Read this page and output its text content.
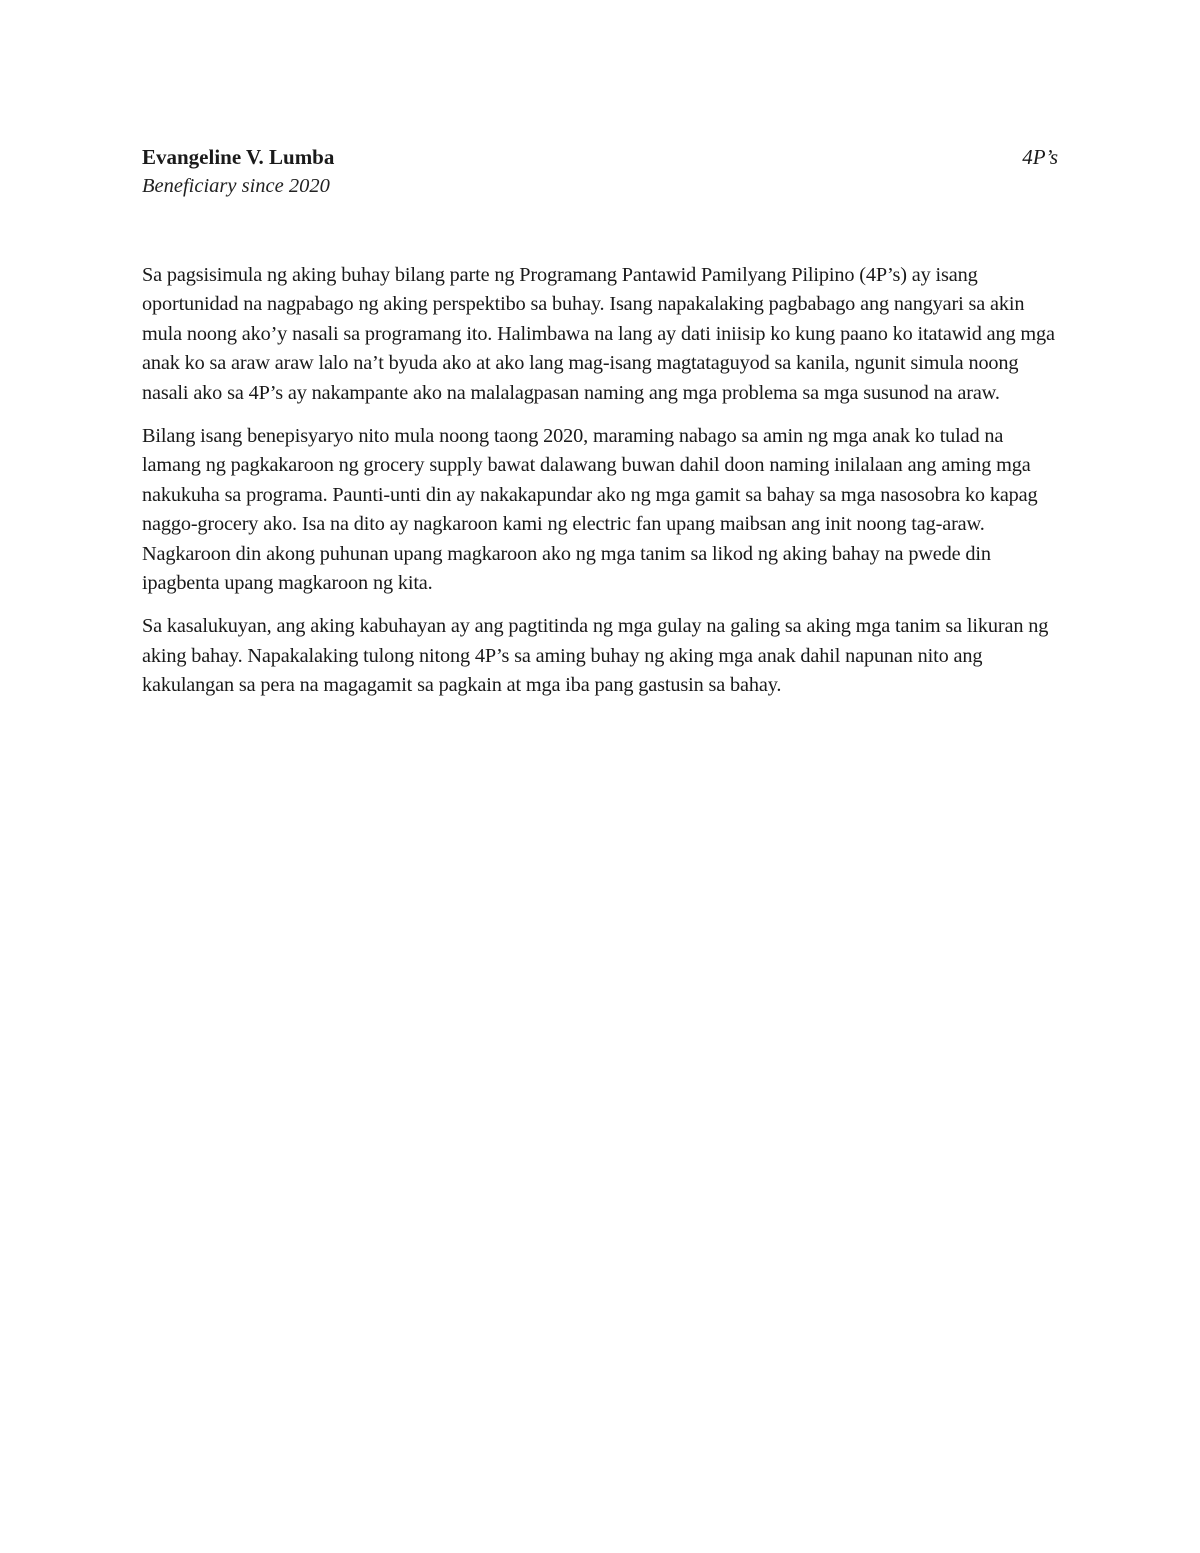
Evangeline V. Lumba

Beneficiary since 2020

4P’s

Sa pagsisimula ng aking buhay bilang parte ng Programang Pantawid Pamilyang Pilipino (4P’s) ay isang oportunidad na nagpabago ng aking perspektibo sa buhay. Isang napakalaking pagbabago ang nangyari sa akin mula noong ako’y nasali sa programang ito. Halimbawa na lang ay dati iniisip ko kung paano ko itatawid ang mga anak ko sa araw araw lalo na’t byuda ako at ako lang mag-isang magtataguyod sa kanila, ngunit simula noong nasali ako sa 4P’s ay nakampante ako na malalagpasan naming ang mga problema sa mga susunod na araw.

Bilang isang benepisyaryo nito mula noong taong 2020, maraming nabago sa amin ng mga anak ko tulad na lamang ng pagkakaroon ng grocery supply bawat dalawang buwan dahil doon naming inilalaan ang aming mga nakukuha sa programa. Paunti-unti din ay nakakapundar ako ng mga gamit sa bahay sa mga nasosobra ko kapag naggo-grocery ako. Isa na dito ay nagkaroon kami ng electric fan upang maibsan ang init noong tag-araw. Nagkaroon din akong puhunan upang magkaroon ako ng mga tanim sa likod ng aking bahay na pwede din ipagbenta upang magkaroon ng kita.

Sa kasalukuyan, ang aking kabuhayan ay ang pagtitinda ng mga gulay na galing sa aking mga tanim sa likuran ng aking bahay. Napakalaking tulong nitong 4P’s sa aming buhay ng aking mga anak dahil napunan nito ang kakulangan sa pera na magagamit sa pagkain at mga iba pang gastusin sa bahay.
